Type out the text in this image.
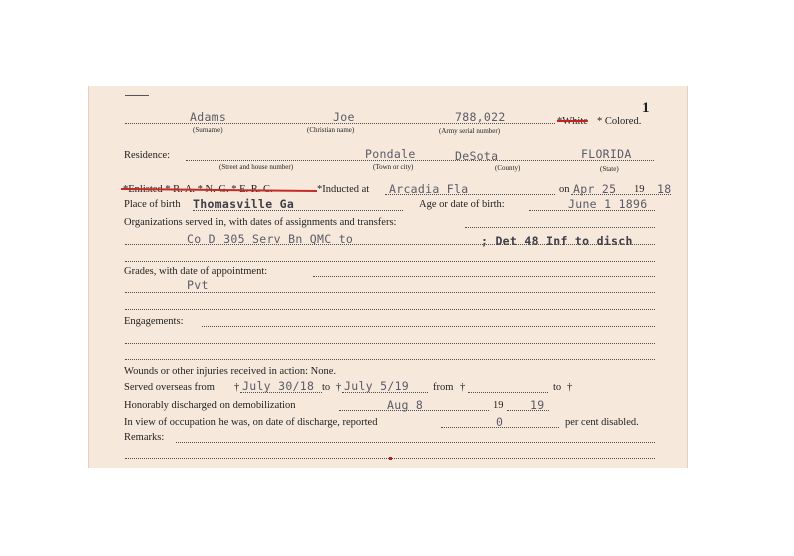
1
Adams	Joe	788,022	*White * Colored.
(Surname)	(Christian name)	(Army serial number)
Residence:	Pondale	DeSota	FLORIDA
(Street and house number)	(Town or city)	(County)	(State)
*Inducted at Arcadia Fla	on Apr 25 19 18
Place of birth Thomasville Ga	Age or date of birth:	June 1 1896
Organizations served in, with dates of assignments and transfers:
Co D 305 Serv Bn QMC to	; Det 48 Inf to disch
Grades, with date of appointment:
Pvt
Engagements:
Wounds or other injuries received in action: None.
Served overseas from † July 30/18 to † July 5/19 from †	to †
Honorably discharged on demobilization	Aug 8	19 19
In view of occupation he was, on date of discharge, reported	0	per cent disabled.
Remarks:
